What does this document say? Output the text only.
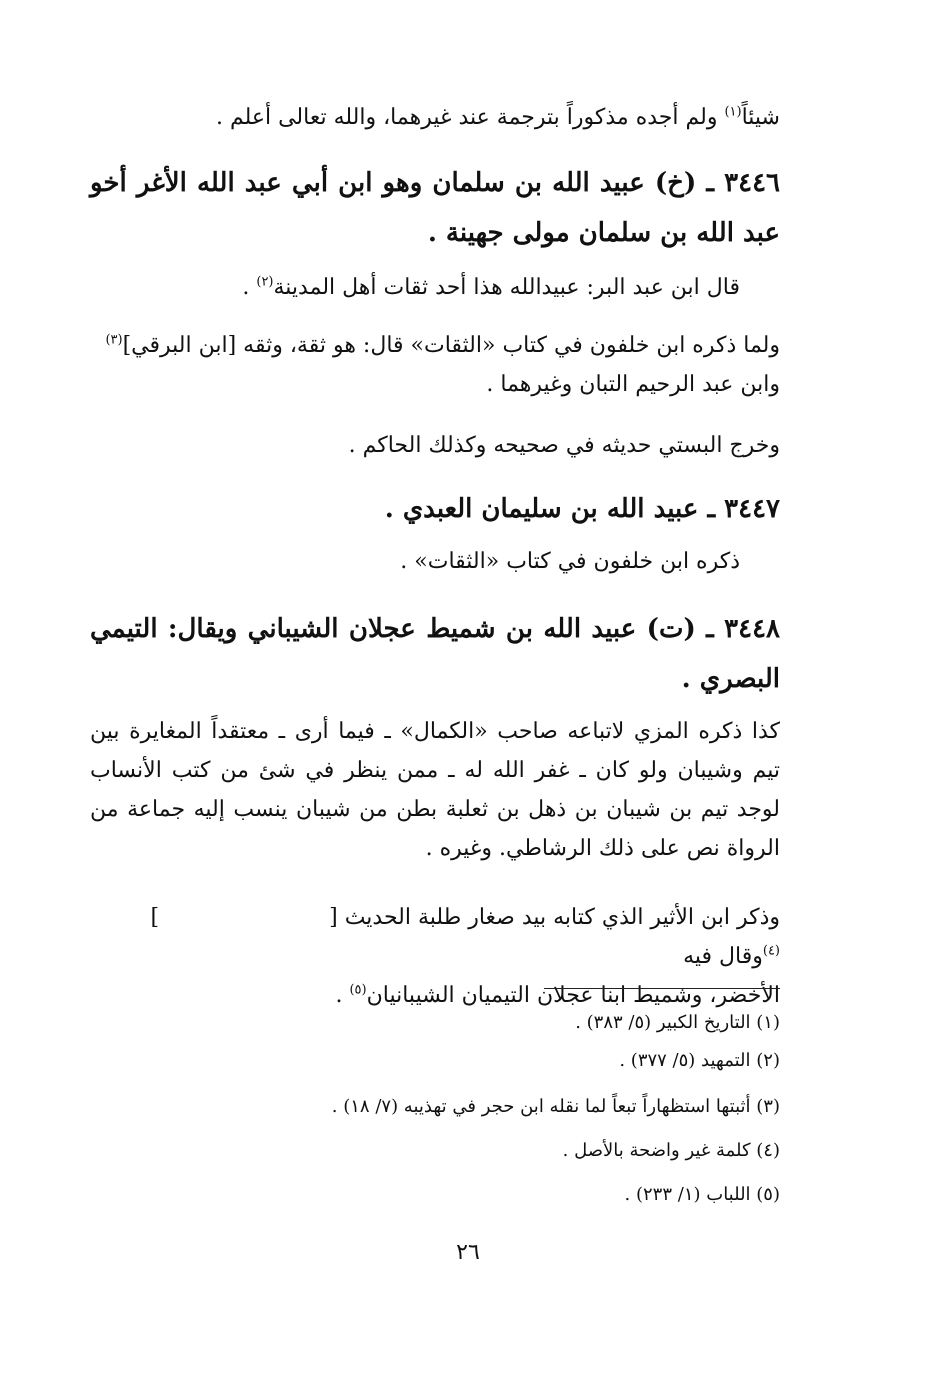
شيئاً$^{(١)}$ ولم أجده مذكوراً بترجمة عند غيرهما، والله تعالى أعلم .
٣٤٤٦ ـ (خ) عبيد الله بن سلمان وهو ابن أبي عبد الله الأغر أخو عبد الله بن سلمان مولى جهينة .
قال ابن عبد البر: عبيدالله هذا أحد ثقات أهل المدينة$^{(٢)}$ .
ولما ذكره ابن خلفون في كتاب «الثقات» قال: هو ثقة، وثقه [ابن البرقي]$^{(٣)}$
وابن عبد الرحيم التبان وغيرهما .
وخرج البستي حديثه في صحيحه وكذلك الحاكم .
٣٤٤٧ ـ عبيد الله بن سليمان العبدي .
ذكره ابن خلفون في كتاب «الثقات» .
٣٤٤٨ ـ (ت) عبيد الله بن شميط عجلان الشيباني ويقال: التيمي البصري .
كذا ذكره المزي لاتباعه صاحب «الكمال» ـ فيما أرى ـ معتقداً المغايرة بين تيم وشيبان ولو كان ـ غفر الله له ـ ممن ينظر في شئ من كتب الأنساب لوجد تيم بن شيبان بن ذهل بن ثعلبة بطن من شيبان ينسب إليه جماعة من الرواة نص على ذلك الرشاطي. وغيره .
وذكر ابن الأثير الذي كتابه بيد صغار طلبة الحديث []$^{(٤)}$وقال فيه
الأخضر، وشميط ابنا عجلان التيميان الشيبانيان$^{(٥)}$ .
(١) التاريخ الكبير (٥/ ٣٨٣) .
(٢) التمهيد (٥/ ٣٧٧) .
(٣) أثبتها استظهاراً تبعاً لما نقله ابن حجر في تهذيبه (٧/ ١٨) .
(٤) كلمة غير واضحة بالأصل .
(٥) اللباب (١/ ٢٣٣) .
٢٦
